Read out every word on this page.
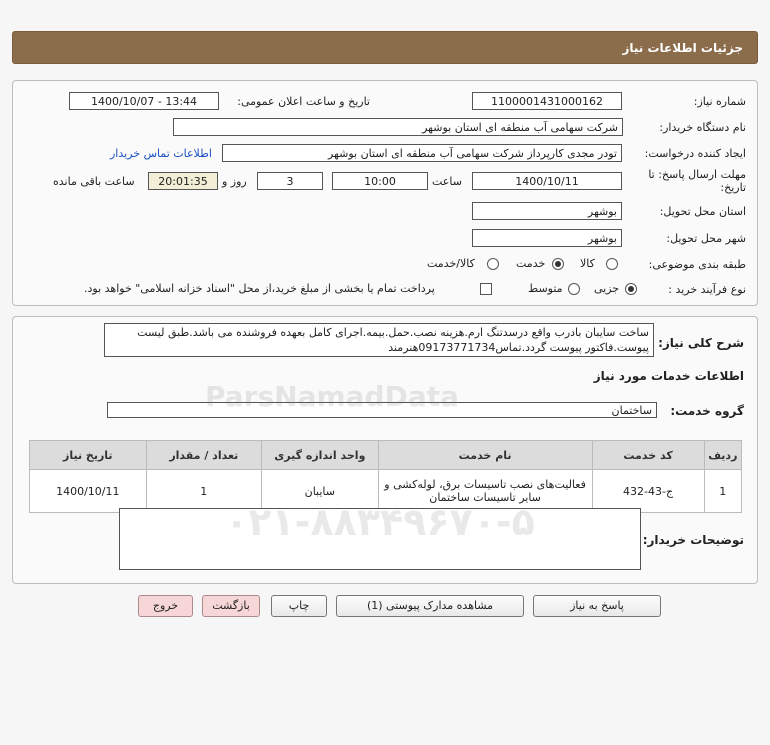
جزئیات اطلاعات نیاز
شماره نیاز:
1100001431000162
تاریخ و ساعت اعلان عمومی:
1400/10/07 - 13:44
نام دستگاه خریدار:
شرکت سهامی آب منطقه ای استان بوشهر
ایجاد کننده درخواست:
تودر مجدی کارپرداز شرکت سهامی آب منطقه ای استان بوشهر
اطلاعات تماس خریدار
مهلت ارسال پاسخ: تا
تاریخ:
1400/10/11
ساعت
10:00
3
روز و
20:01:35
ساعت باقی مانده
استان محل تحویل:
بوشهر
شهر محل تحویل:
بوشهر
طبقه بندی موضوعی:
کالا
خدمت
کالا/خدمت
نوع فرآیند خرید :
جزیی
متوسط
پرداخت تمام یا بخشی از مبلغ خرید،از محل "اسناد خزانه اسلامی" خواهد بود.
شرح کلی نیاز:
ساخت سایبان بادرب واقع درسدتنگ ارم.هزینه نصب.حمل.بیمه.اجرای کامل بعهده فروشنده می باشد.طبق لیست پیوست.فاکتور پیوست گردد.تماس09173771734هنرمند
اطلاعات خدمات مورد نیاز
گروه خدمت:
ساختمان
تاریخ نیاز	تعداد / مقدار	واحد اندازه گیری	نام خدمت	کد خدمت	ردیف
1400/10/11	1	سایبان	فعالیت‌های نصب تاسیسات برق، لوله‌کشی و سایر تاسیسات ساختمان	ج-43-432	1
توضیحات خریدار:
پاسخ به نیاز
مشاهده مدارک پیوستی (1)
چاپ
بازگشت
خروج
